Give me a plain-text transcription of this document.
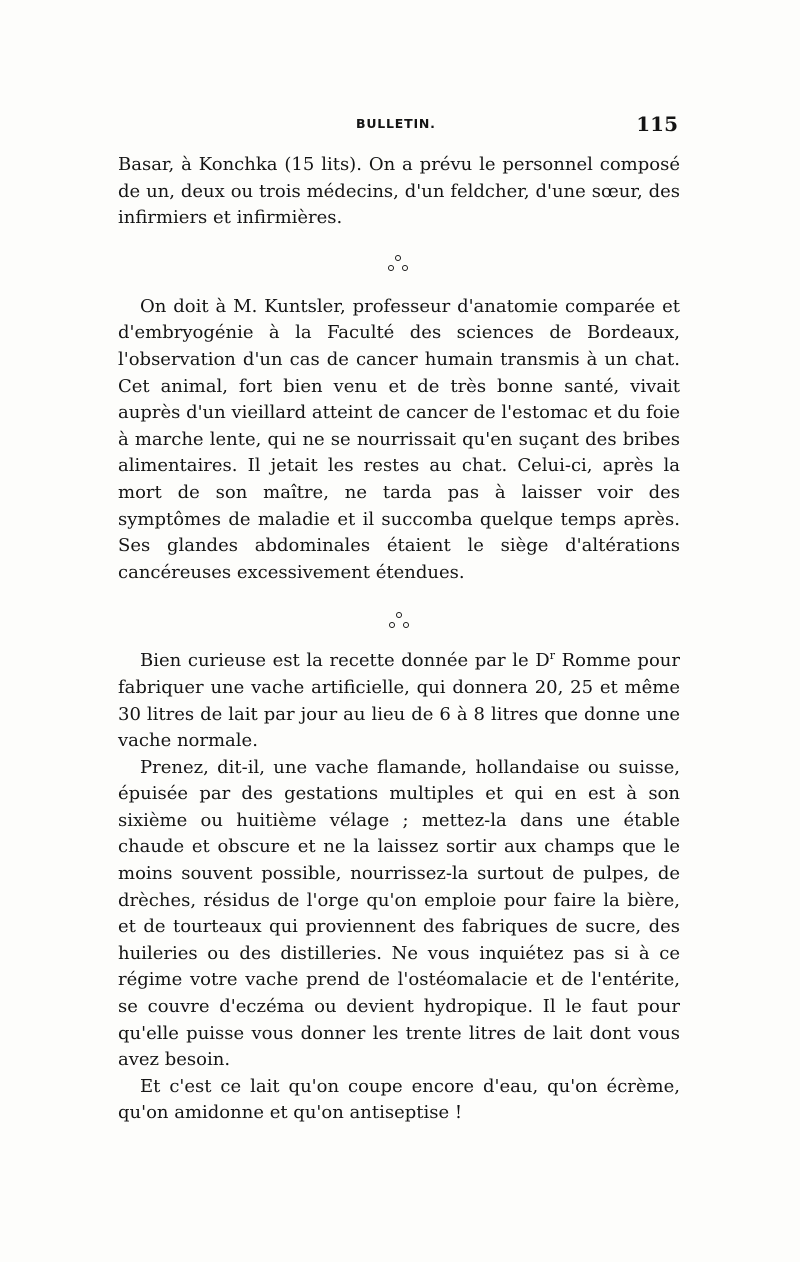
BULLETIN.	115

Basar, à Konchka (15 lits). On a prévu le personnel composé de un, deux ou trois médecins, d'un feldcher, d'une sœur, des infirmiers et infirmières.

On doit à M. Kuntsler, professeur d'anatomie comparée et d'embryogénie à la Faculté des sciences de Bordeaux, l'observation d'un cas de cancer humain transmis à un chat. Cet animal, fort bien venu et de très bonne santé, vivait auprès d'un vieillard atteint de cancer de l'estomac et du foie à marche lente, qui ne se nourrissait qu'en suçant des bribes alimentaires. Il jetait les restes au chat. Celui-ci, après la mort de son maître, ne tarda pas à laisser voir des symptômes de maladie et il succomba quelque temps après. Ses glandes abdominales étaient le siège d'altérations cancéreuses excessivement étendues.

Bien curieuse est la recette donnée par le $D^r$ Romme pour fabriquer une vache artificielle, qui donnera 20, 25 et même 30 litres de lait par jour au lieu de 6 à 8 litres que donne une vache normale.

Prenez, dit-il, une vache flamande, hollandaise ou suisse, épuisée par des gestations multiples et qui en est à son sixième ou huitième vélage ; mettez-la dans une étable chaude et obscure et ne la laissez sortir aux champs que le moins souvent possible, nourrissez-la surtout de pulpes, de drèches, résidus de l'orge qu'on emploie pour faire la bière, et de tourteaux qui proviennent des fabriques de sucre, des huileries ou des distilleries. Ne vous inquiétez pas si à ce régime votre vache prend de l'ostéomalacie et de l'entérite, se couvre d'eczéma ou devient hydropique. Il le faut pour qu'elle puisse vous donner les trente litres de lait dont vous avez besoin.

Et c'est ce lait qu'on coupe encore d'eau, qu'on écrème, qu'on amidonne et qu'on antiseptise !
